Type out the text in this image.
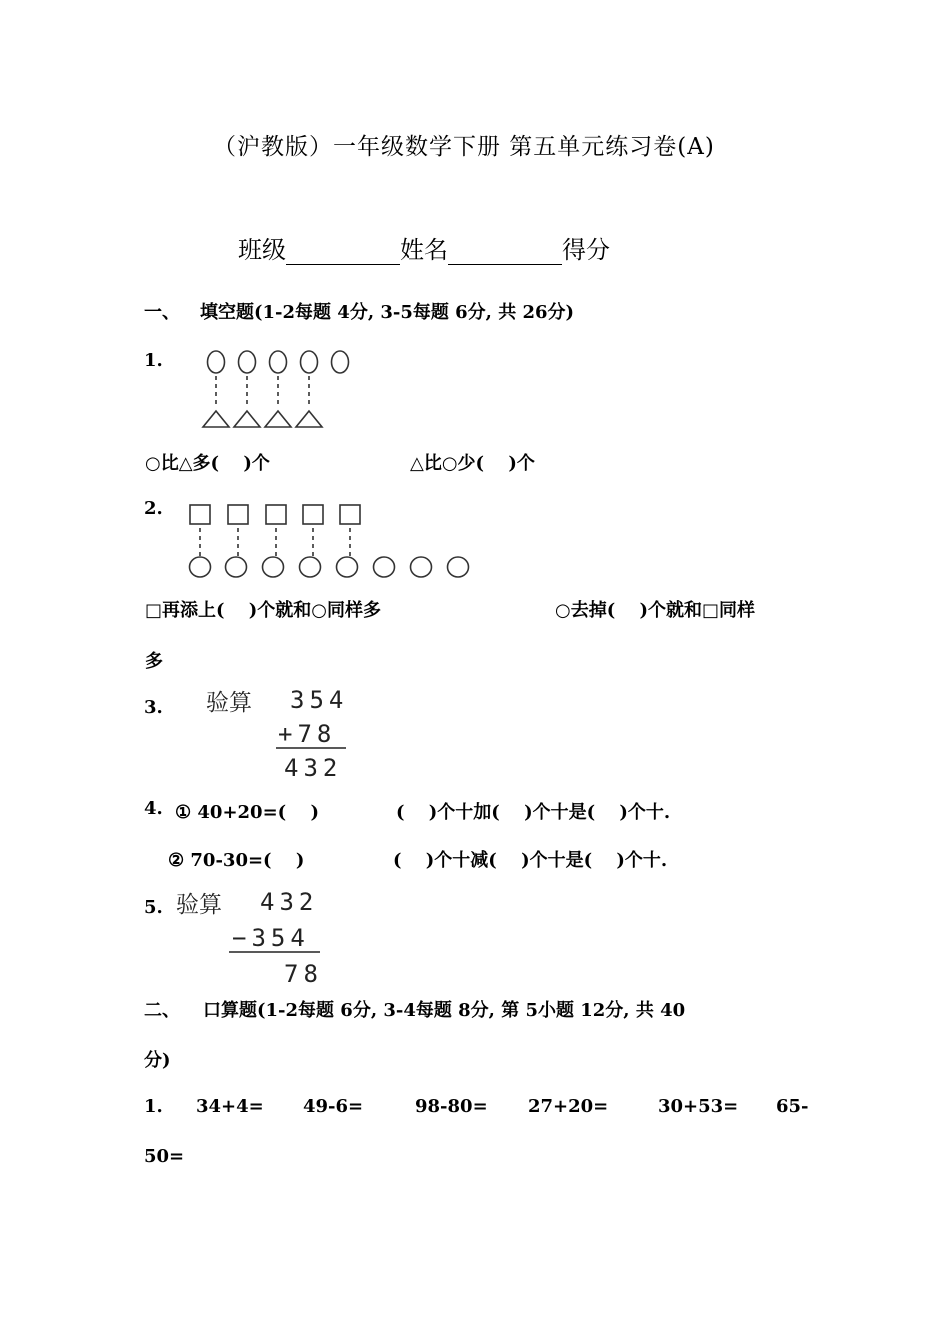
（沪教版）一年级数学下册 第五单元练习卷(A)
班级	姓名	得分
一、 填空题(1-2每题 4分, 3-5每题 6分, 共 26分)
1.
○比△多(　 )个	△比○少(　 )个
2.
□再添上(　 )个就和○同样多	○去掉(　 )个就和□同样
多
3. 验算 354
+78
432
4. ① 40+20=(　 )	(　 )个十加(　 )个十是(　 )个十.
② 70-30=(　 )	(　 )个十减(　 )个十是(　 )个十.
5. 验算 432
−354
78
二、 口算题(1-2每题 6分, 3-4每题 8分, 第 5小题 12分, 共 40
分)
1. 34+4= 49-6=	98-80= 27+20=	30+53= 65-
50=
